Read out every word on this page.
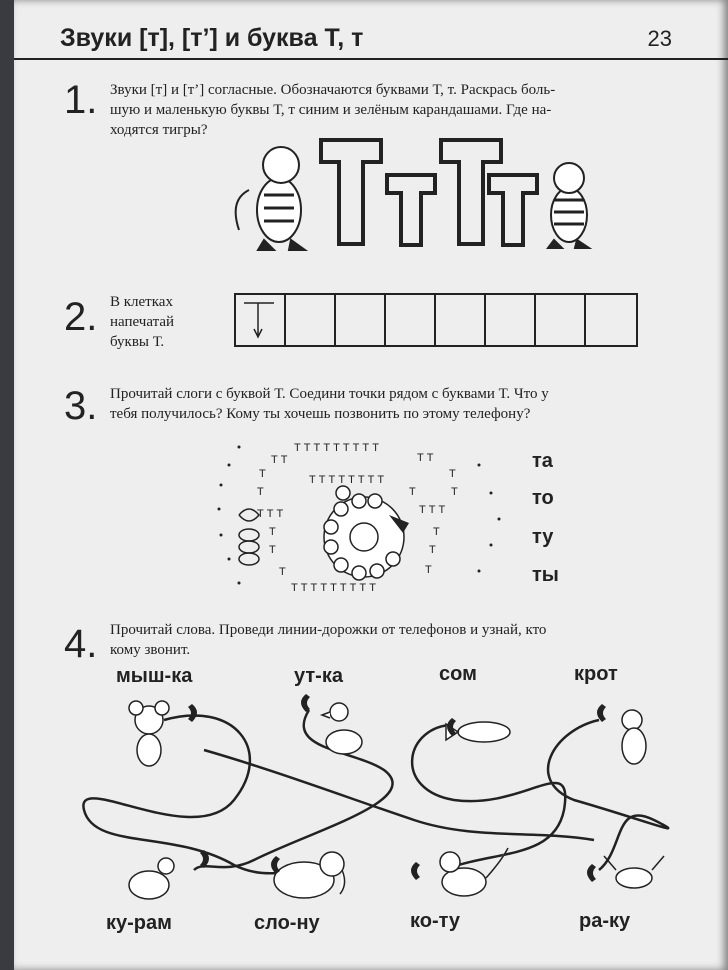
Звуки [т], [т’] и буква Т, т	23
1. Звуки [т] и [т’] согласные. Обозначаются буквами Т, т. Раскрась боль-
шую и маленькую буквы Т, т синим и зелёным карандашами. Где на-
ходятся тигры?
2. В клетках
напечатай
буквы Т.
3. Прочитай слоги с буквой Т. Соедини точки рядом с буквами Т. Что у
тебя получилось? Кому ты хочешь позвонить по этому телефону?
Т Т Т Т Т Т Т Т Т
Т Т	Т Т
Т	Т
Т	Т
Т Т Т Т Т Т Т Т
Т
Т Т Т
Т Т Т
Т
Т
Т
Т
Т	Т
Т Т Т Т Т Т Т Т Т
та
то
ту
ты
4. Прочитай слова. Проведи линии-дорожки от телефонов и узнай, кто
кому звонит.
мыш-ка	ут-ка	сом	крот
ку-рам	сло-ну	ко-ту	ра-ку
